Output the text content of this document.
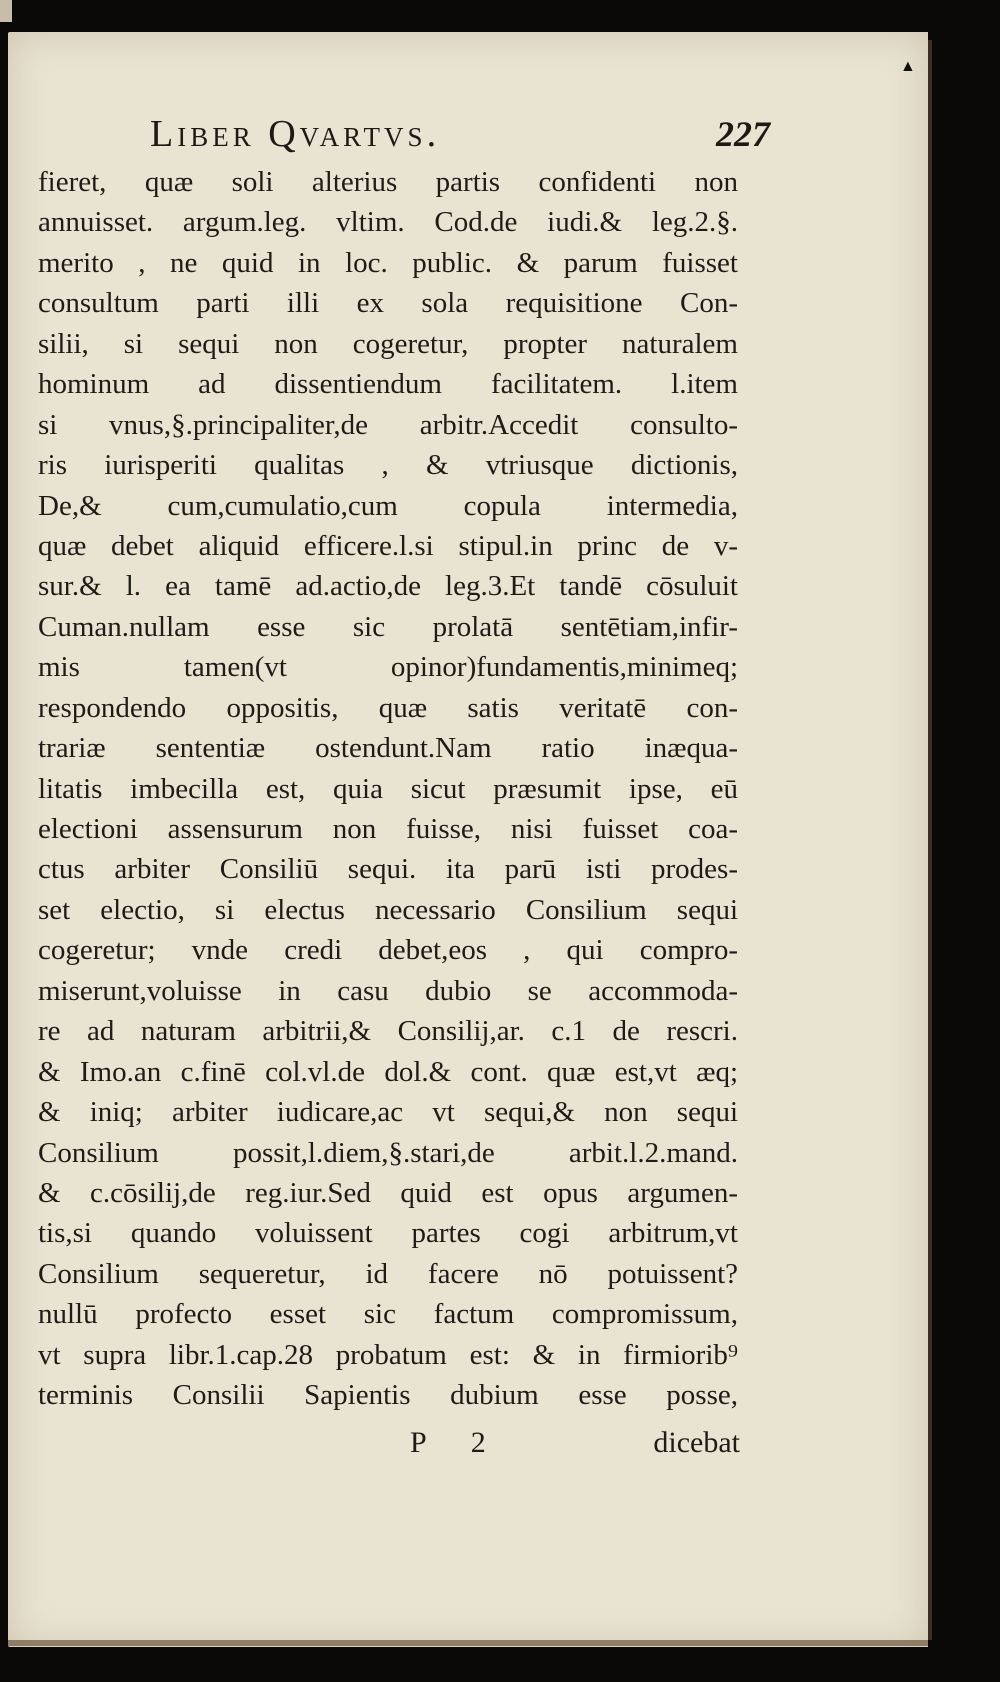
▲
Liber Qvartvs.	227
fieret, quæ soli alterius partis confidenti non
annuisset. argum.leg. vltim. Cod.de iudi.& leg.2.§.
merito , ne quid in loc. public. & parum fuisset
consultum parti illi ex sola requisitione Con-
silii, si sequi non cogeretur, propter naturalem
hominum ad dissentiendum facilitatem. l.item
si vnus,§.principaliter,de arbitr.Accedit consulto-
ris iurisperiti qualitas , & vtriusque dictionis,
De,& cum,cumulatio,cum copula intermedia,
quæ debet aliquid efficere.l.si stipul.in princ de v-
sur.& l. ea tamē ad.actio,de leg.3.Et tandē cōsuluit
Cuman.nullam esse sic prolatā sentētiam,infir-
mis tamen(vt opinor)fundamentis,minimeq;
respondendo oppositis, quæ satis veritatē con-
trariæ sententiæ ostendunt.Nam ratio inæqua-
litatis imbecilla est, quia sicut præsumit ipse, eū
electioni assensurum non fuisse, nisi fuisset coa-
ctus arbiter Consiliū sequi. ita parū isti prodes-
set electio, si electus necessario Consilium sequi
cogeretur; vnde credi debet,eos , qui compro-
miserunt,voluisse in casu dubio se accommoda-
re ad naturam arbitrii,& Consilij,ar. c.1 de rescri.
& Imo.an c.finē col.vl.de dol.& cont. quæ est,vt æq;
& iniq; arbiter iudicare,ac vt sequi,& non sequi
Consilium possit,l.diem,§.stari,de arbit.l.2.mand.
& c.cōsilij,de reg.iur.Sed quid est opus argumen-
tis,si quando voluissent partes cogi arbitrum,vt
Consilium sequeretur, id facere nō potuissent?
nullū profecto esset sic factum compromissum,
vt supra libr.1.cap.28 probatum est: & in firmiorib⁹
terminis Consilii Sapientis dubium esse posse,
P 2	dicebat
